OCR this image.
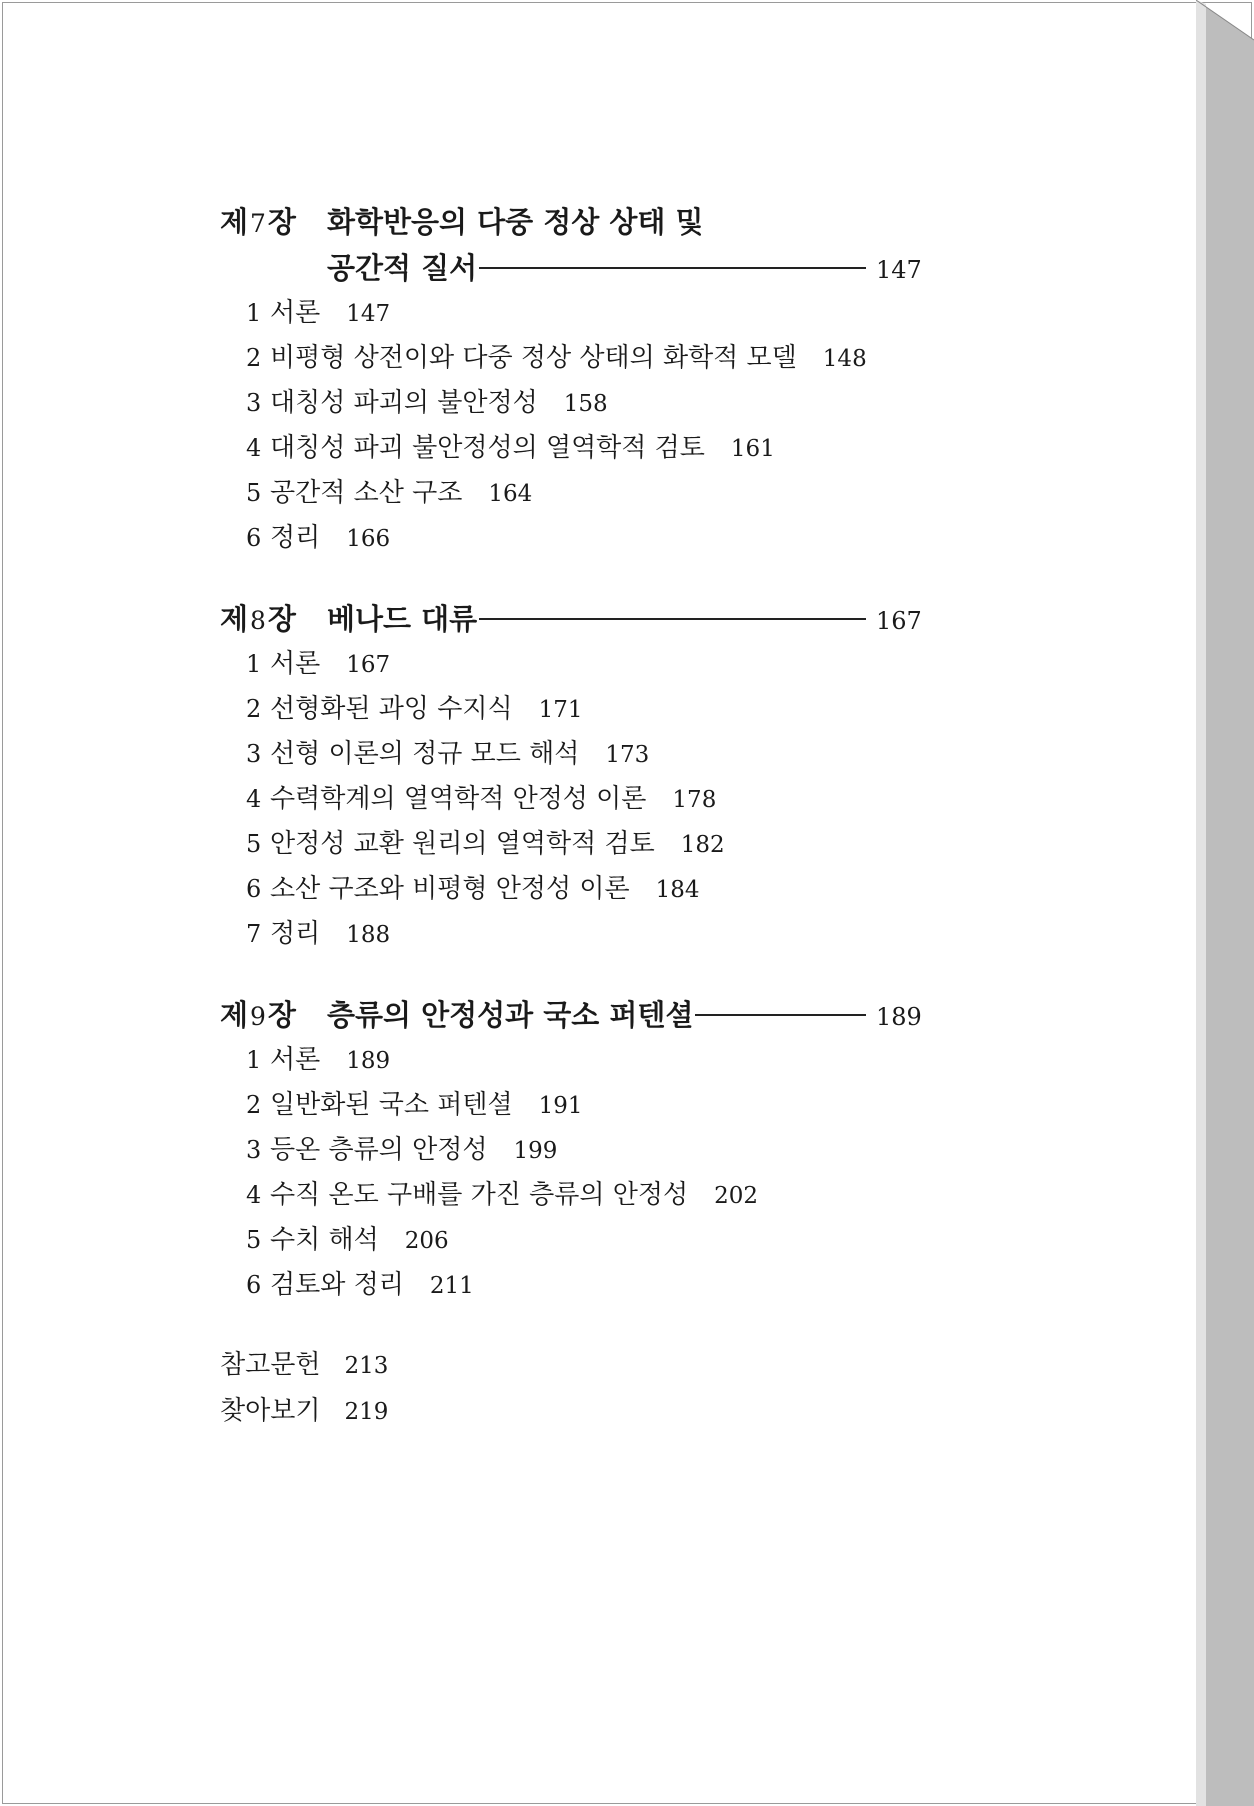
제7장	화학반응의 다중 정상 상태 및
공간적 질서	147
1 서론 147
2 비평형 상전이와 다중 정상 상태의 화학적 모델 148
3 대칭성 파괴의 불안정성 158
4 대칭성 파괴 불안정성의 열역학적 검토 161
5 공간적 소산 구조 164
6 정리 166
제8장	베나드 대류	167
1 서론 167
2 선형화된 과잉 수지식 171
3 선형 이론의 정규 모드 해석 173
4 수력학계의 열역학적 안정성 이론 178
5 안정성 교환 원리의 열역학적 검토 182
6 소산 구조와 비평형 안정성 이론 184
7 정리 188
제9장	층류의 안정성과 국소 퍼텐셜	189
1 서론 189
2 일반화된 국소 퍼텐셜 191
3 등온 층류의 안정성 199
4 수직 온도 구배를 가진 층류의 안정성 202
5 수치 해석 206
6 검토와 정리 211
참고문헌 213
찾아보기 219
